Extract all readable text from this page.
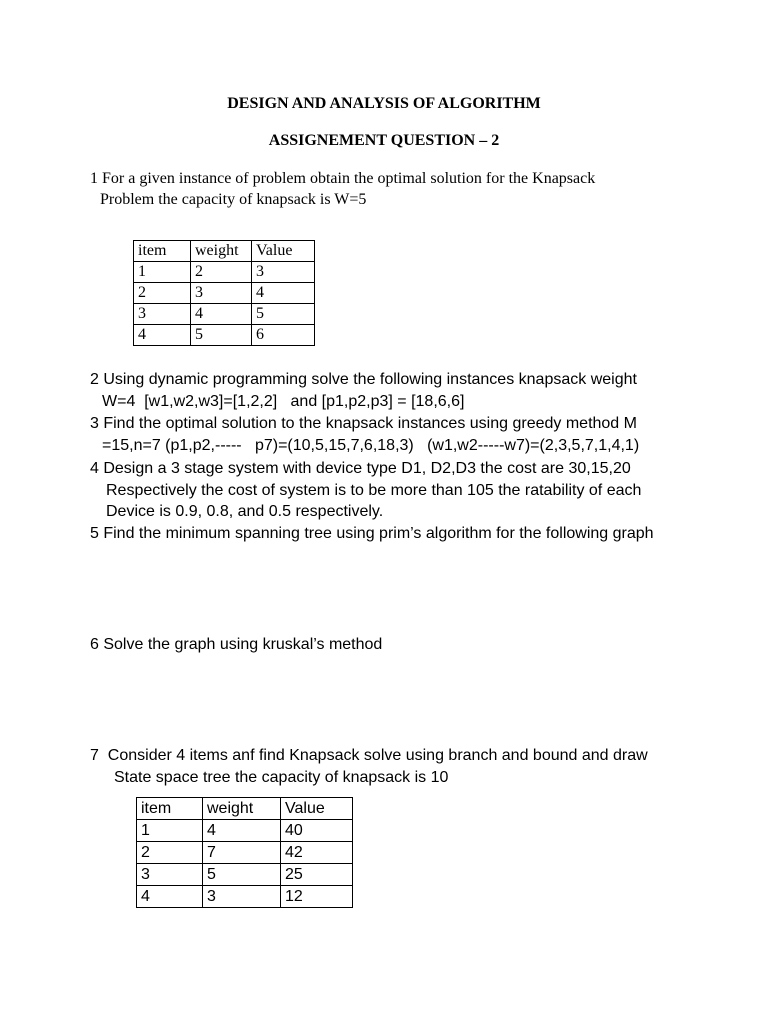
DESIGN AND ANALYSIS OF ALGORITHM
ASSIGNEMENT QUESTION – 2
1 For a given instance of problem obtain the optimal solution for the Knapsack
Problem the capacity of knapsack is W=5
item	weight	Value
1	2	3
2	3	4
3	4	5
4	5	6
2 Using dynamic programming solve the following instances knapsack weight
W=4  [w1,w2,w3]=[1,2,2]   and [p1,p2,p3] = [18,6,6]
3 Find the optimal solution to the knapsack instances using greedy method M
=15,n=7 (p1,p2,-----   p7)=(10,5,15,7,6,18,3)   (w1,w2-----w7)=(2,3,5,7,1,4,1)
4 Design a 3 stage system with device type D1, D2,D3 the cost are 30,15,20
Respectively the cost of system is to be more than 105 the ratability of each
Device is 0.9, 0.8, and 0.5 respectively.
5 Find the minimum spanning tree using prim’s algorithm for the following graph
6 Solve the graph using kruskal’s method
7  Consider 4 items anf find Knapsack solve using branch and bound and draw
State space tree the capacity of knapsack is 10
item	weight	Value
1	4	40
2	7	42
3	5	25
4	3	12
